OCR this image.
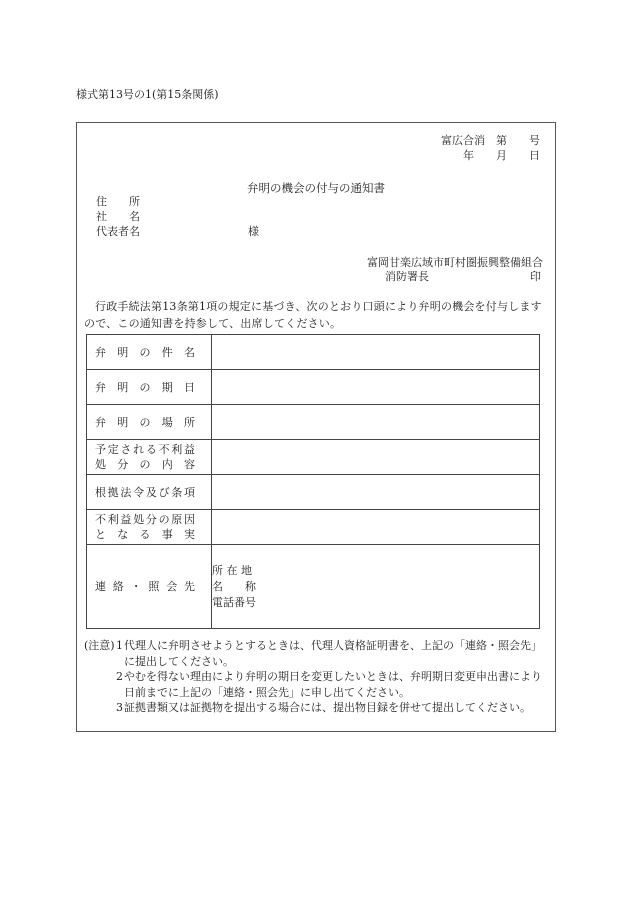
様式第13号の1(第15条関係)
富広合消　第　　号
年　　月　　日
弁明の機会の付与の通知書
住　　所
社　　名
代表者名	様
富岡甘楽広域市町村圏振興整備組合
消防署長	印
行政手続法第13条第1項の規定に基づき、次のとおり口頭により弁明の機会を付与しますので、この通知書を持参して、出席してください。
弁明の件名	

弁明の期日	

弁明の場所	

予定される不利益
処分の内容	

根拠法令及び条項	

不利益処分の原因
となる事実	

連絡・照会先	所 在 地
名　　称
電話番号
(注意) 1 代理人に弁明させようとするときは、代理人資格証明書を、上記の「連絡・照会先」に提出してください。
2 やむを得ない理由により弁明の期日を変更したいときは、弁明期日変更申出書により　　日前までに上記の「連絡・照会先」に申し出てください。
3 証拠書類又は証拠物を提出する場合には、提出物目録を併せて提出してください。
